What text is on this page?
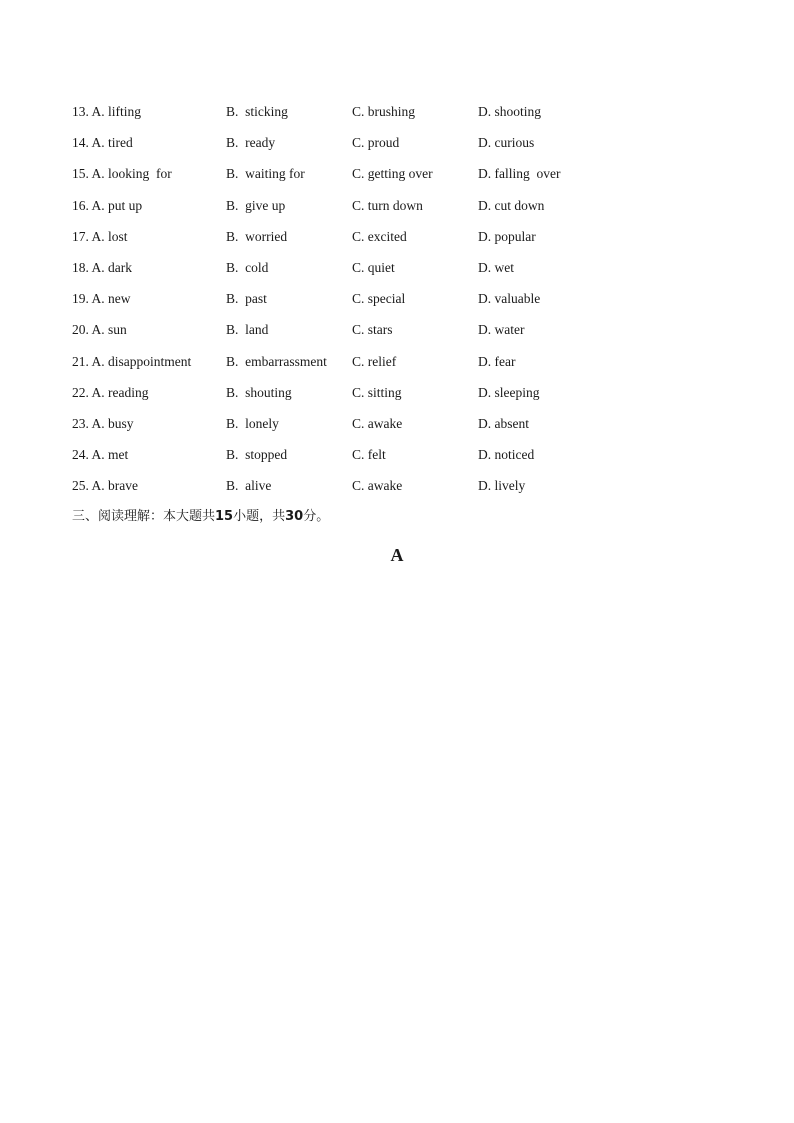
13. A. lifting	B.  sticking	C. brushing	D. shooting
14. A. tired	B.  ready	C. proud	D. curious
15. A. looking  for	B.  waiting for	C. getting over	D. falling  over
16. A. put up	B.  give up	C. turn down	D. cut down
17. A. lost	B.  worried	C. excited	D. popular
18. A. dark	B.  cold	C. quiet	D. wet
19. A. new	B.  past	C. special	D. valuable
20. A. sun	B.  land	C. stars	D. water
21. A. disappointment	B.  embarrassment C. relief	D. fear
22. A. reading	B.  shouting	C. sitting	D. sleeping
23. A. busy	B.  lonely	C. awake	D. absent
24. A. met	B.  stopped	C. felt	D. noticed
25. A. brave	B.  alive	C. awake	D. lively
三、阅读理解：本大题共15小题，共30分。
A
